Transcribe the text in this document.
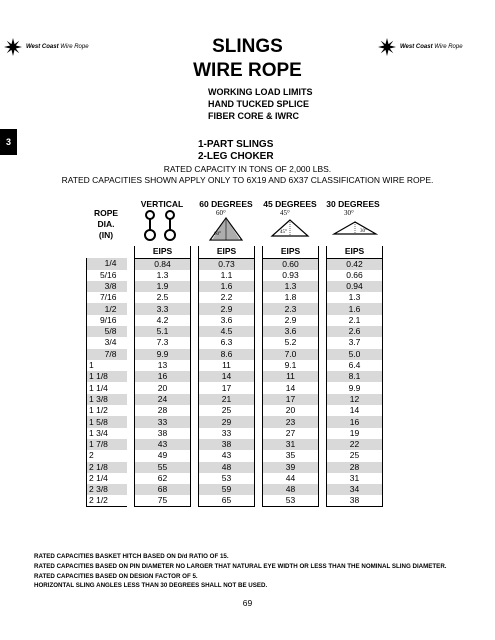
West Coast Wire Rope	West Coast Wire Rope
SLINGS
WIRE ROPE
WORKING LOAD LIMITS
HAND TUCKED SPLICE
FIBER CORE & IWRC
3	1-PART SLINGS
2-LEG CHOKER
RATED CAPACITY IN TONS OF 2,000 LBS.
RATED CAPACITIES SHOWN APPLY ONLY TO 6X19 AND 6X37 CLASSIFICATION WIRE ROPE.
ROPE
DIA.
(IN)
VERTICAL	60 DEGREES	45 DEGREES	30 DEGREES
60°
60°
45°
45°
30°
30°
		EIPS		EIPS		EIPS		EIPS
1/4		0.84		0.73		0.60		0.42
5/16		1.3		1.1		0.93		0.66
3/8		1.9		1.6		1.3		0.94
7/16		2.5		2.2		1.8		1.3
1/2		3.3		2.9		2.3		1.6
9/16		4.2		3.6		2.9		2.1
5/8		5.1		4.5		3.6		2.6
3/4		7.3		6.3		5.2		3.7
7/8		9.9		8.6		7.0		5.0
1		13		11		9.1		6.4
1 1/8		16		14		11		8.1
1 1/4		20		17		14		9.9
1 3/8		24		21		17		12
1 1/2		28		25		20		14
1 5/8		33		29		23		16
1 3/4		38		33		27		19
1 7/8		43		38		31		22
2		49		43		35		25
2 1/8		55		48		39		28
2 1/4		62		53		44		31
2 3/8		68		59		48		34
2 1/2		75		65		53		38
RATED CAPACITIES BASKET HITCH BASED ON D/d RATIO OF 15.
RATED CAPACITIES BASED ON PIN DIAMETER NO LARGER THAT NATURAL EYE WIDTH OR LESS THAN THE NOMINAL SLING DIAMETER.
RATED CAPACITIES BASED ON DESIGN FACTOR OF 5.
HORIZONTAL SLING ANGLES LESS THAN 30 DEGREES SHALL NOT BE USED.
69
